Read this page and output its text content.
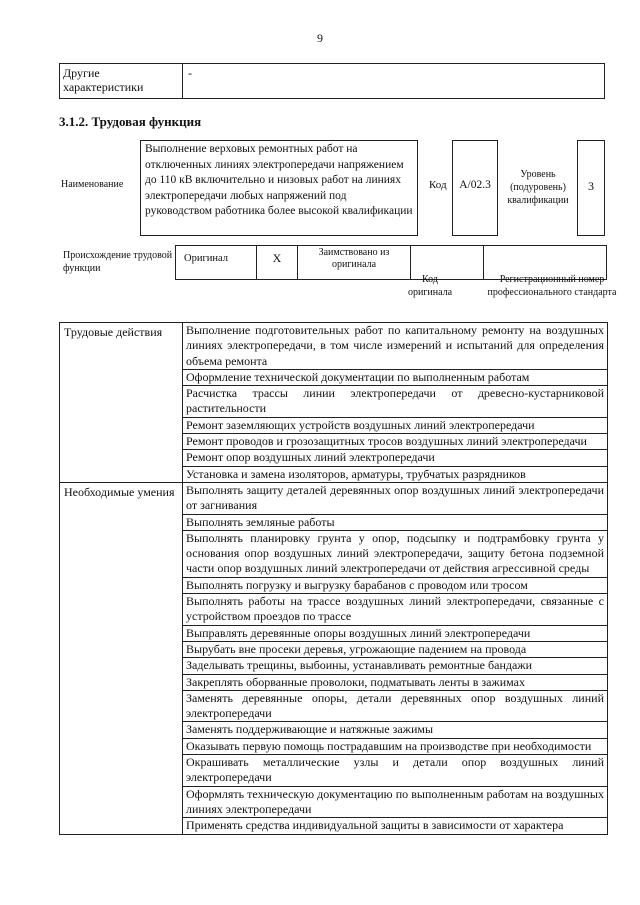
9
Другие характеристики	-
3.1.2. Трудовая функция
Наименование
Выполнение верховых ремонтных работ на отключенных линиях электропередачи напряжением до 110 кВ включительно и низовых работ на линиях электропередачи любых напряжений под руководством работника более высокой квалификации
Код	A/02.3
Уровень (подуровень) квалификации
3
Происхождение трудовой функции
Оригинал	X	Заимствовано из оригинала		
Код оригинала
Регистрационный номер профессионального стандарта
Трудовые действия	Выполнение подготовительных работ по капитальному ремонту на воздушных линиях электропередачи, в том числе измерений и испытаний для определения объема ремонта
	Оформление технической документации по выполненным работам
	Расчистка трассы линии электропередачи от древесно-кустарниковой растительности
	Ремонт заземляющих устройств воздушных линий электропередачи
	Ремонт проводов и грозозащитных тросов воздушных линий электропередачи
	Ремонт опор воздушных линий электропередачи
	Установка и замена изоляторов, арматуры, трубчатых разрядников
Необходимые умения	Выполнять защиту деталей деревянных опор воздушных линий электропередачи от загнивания
	Выполнять земляные работы
	Выполнять планировку грунта у опор, подсыпку и подтрамбовку грунта у основания опор воздушных линий электропередачи, защиту бетона подземной части опор воздушных линий электропередачи от действия агрессивной среды
	Выполнять погрузку и выгрузку барабанов с проводом или тросом
	Выполнять работы на трассе воздушных линий электропередачи, связанные с устройством проездов по трассе
	Выправлять деревянные опоры воздушных линий электропередачи
	Вырубать вне просеки деревья, угрожающие падением на провода
	Заделывать трещины, выбоины, устанавливать ремонтные бандажи
	Закреплять оборванные проволоки, подматывать ленты в зажимах
	Заменять деревянные опоры, детали деревянных опор воздушных линий электропередачи
	Заменять поддерживающие и натяжные зажимы
	Оказывать первую помощь пострадавшим на производстве при необходимости
	Окрашивать металлические узлы и детали опор воздушных линий электропередачи
	Оформлять техническую документацию по выполненным работам на воздушных линиях электропередачи
	Применять средства индивидуальной защиты в зависимости от характера
